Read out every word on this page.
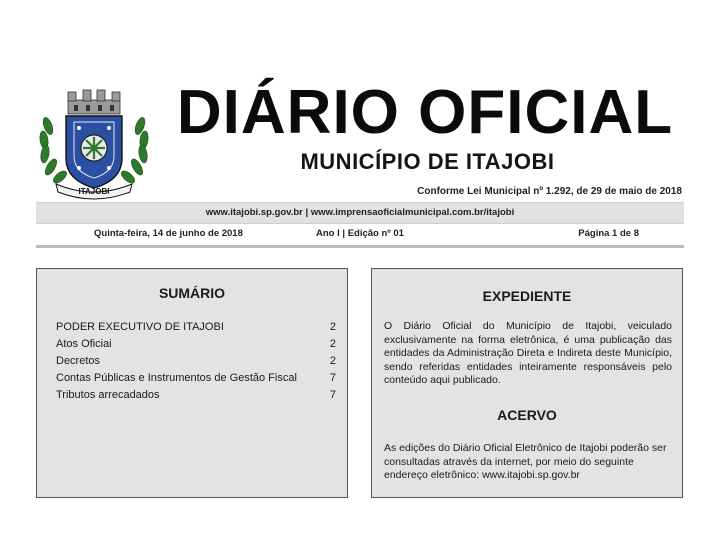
ITAJOBI
DIÁRIO OFICIAL
MUNICÍPIO DE ITAJOBI
Conforme Lei Municipal nº 1.292, de 29 de maio de 2018
www.itajobi.sp.gov.br | www.imprensaoficialmunicipal.com.br/itajobi
Ano I | Edição nº 01
Quinta-feira, 14 de junho de 2018	Página 1 de 8
SUMÁRIO
PODER EXECUTIVO DE ITAJOBI	2
Atos Oficiai	2
Decretos	2
Contas Públicas e Instrumentos de Gestão Fiscal	7
Tributos arrecadados	7
EXPEDIENTE

O Diário Oficial do Município de Itajobi, veiculado exclusivamente na forma eletrônica, é uma publicação das entidades da Administração Direta e Indireta deste Município, sendo referidas entidades inteiramente responsáveis pelo conteúdo aqui publicado.

ACERVO

As edições do Diário Oficial Eletrônico de Itajobi poderão ser consultadas através da internet, por meio do seguinte endereço eletrônico: www.itajobi.sp.gov.br
